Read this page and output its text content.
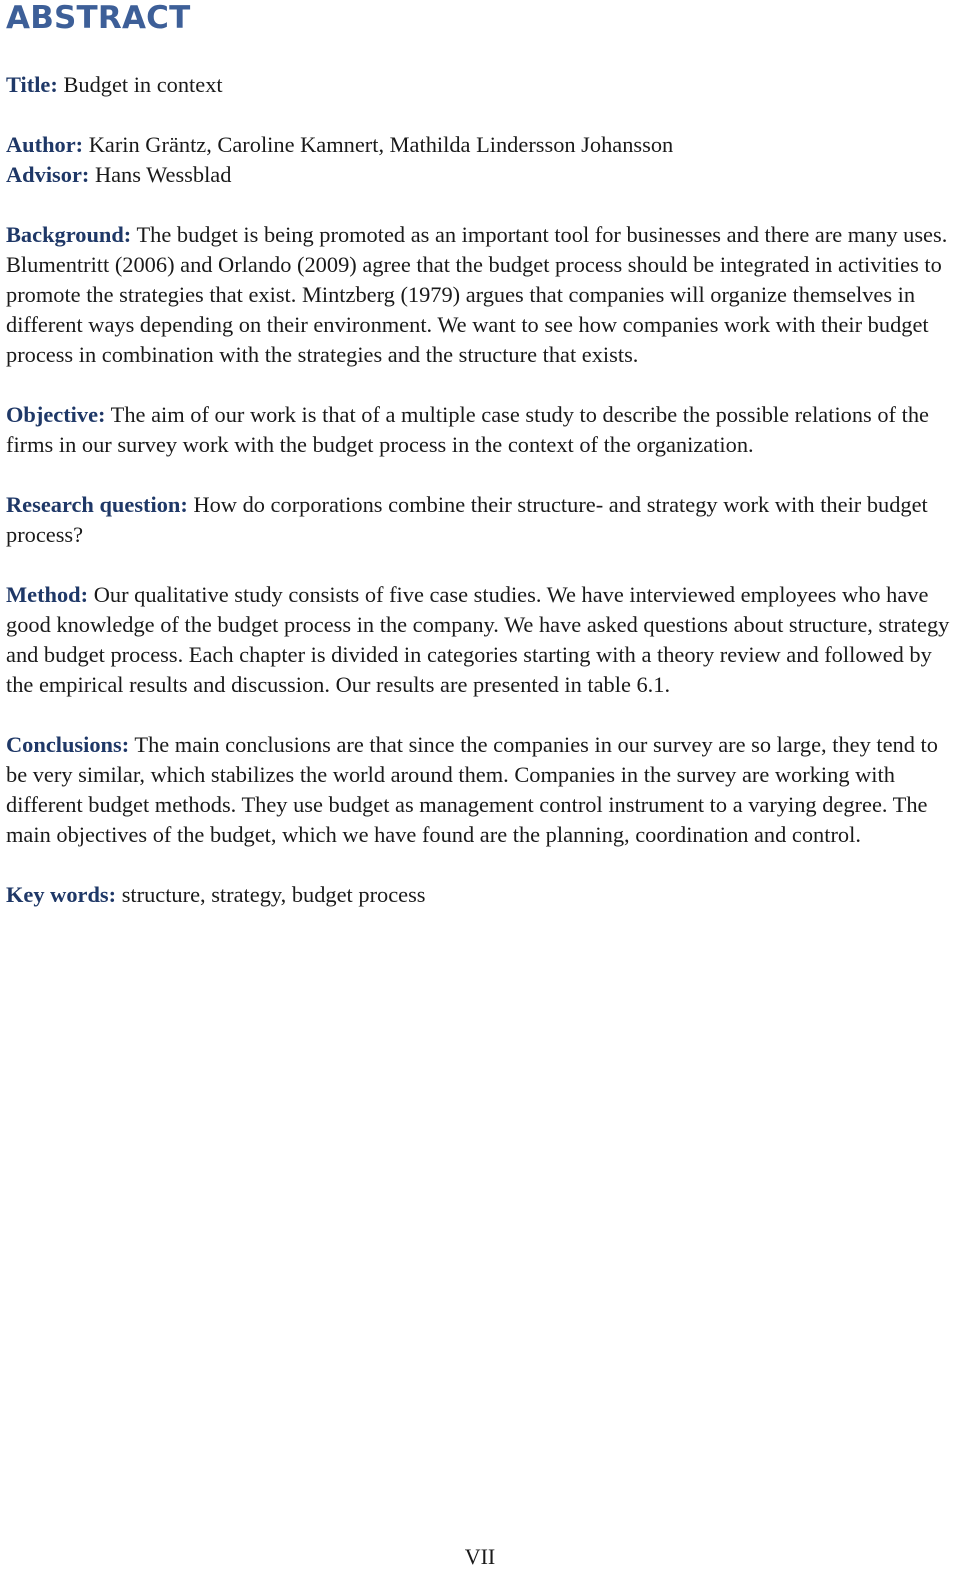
ABSTRACT

Title: Budget in context

Author: Karin Gräntz, Caroline Kamnert, Mathilda Lindersson Johansson

Advisor: Hans Wessblad

Background: The budget is being promoted as an important tool for businesses and there are many uses. Blumentritt (2006) and Orlando (2009) agree that the budget process should be integrated in activities to promote the strategies that exist. Mintzberg (1979) argues that companies will organize themselves in different ways depending on their environment. We want to see how companies work with their budget process in combination with the strategies and the structure that exists.

Objective: The aim of our work is that of a multiple case study to describe the possible relations of the firms in our survey work with the budget process in the context of the organization.

Research question: How do corporations combine their structure- and strategy work with their budget process?

Method: Our qualitative study consists of five case studies. We have interviewed employees who have good knowledge of the budget process in the company. We have asked questions about structure, strategy and budget process. Each chapter is divided in categories starting with a theory review and followed by the empirical results and discussion. Our results are presented in table 6.1.

Conclusions: The main conclusions are that since the companies in our survey are so large, they tend to be very similar, which stabilizes the world around them. Companies in the survey are working with different budget methods. They use budget as management control instrument to a varying degree. The main objectives of the budget, which we have found are the planning, coordination and control.

Key words: structure, strategy, budget process

VII
